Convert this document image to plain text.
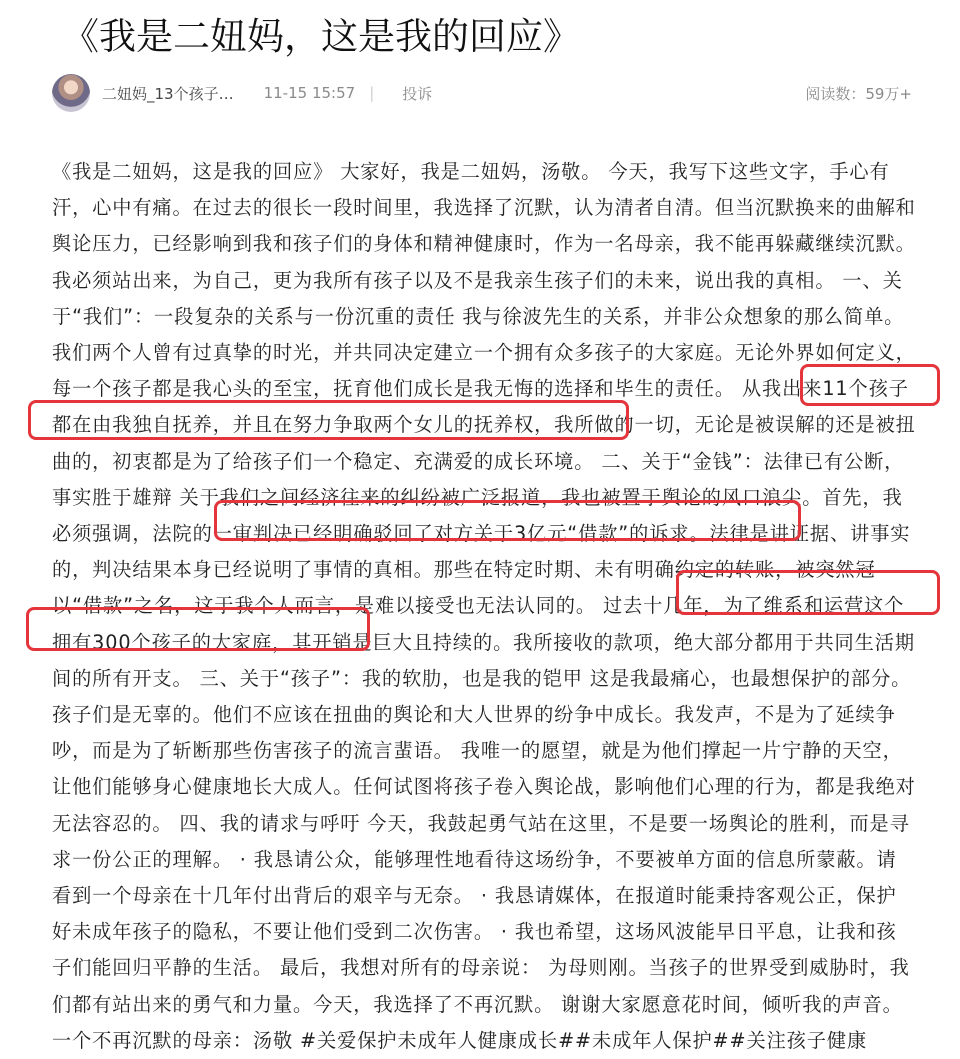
《我是二妞妈，这是我的回应》
二妞妈_13个孩子… 11-15 15:57 | 投诉	阅读数：59万+

《我是二妞妈，这是我的回应》 大家好，我是二妞妈，汤敬。 今天，我写下这些文字，手心有汗，心中有痛。在过去的很长一段时间里，我选择了沉默，认为清者自清。但当沉默换来的曲解和舆论压力，已经影响到我和孩子们的身体和精神健康时，作为一名母亲，我不能再躲藏继续沉默。我必须站出来，为自己，更为我所有孩子以及不是我亲生孩子们的未来，说出我的真相。 一、关于“我们”：一段复杂的关系与一份沉重的责任 我与徐波先生的关系，并非公众想象的那么简单。我们两个人曾有过真挚的时光，并共同决定建立一个拥有众多孩子的大家庭。无论外界如何定义，每一个孩子都是我心头的至宝，抚育他们成长是我无悔的选择和毕生的责任。 从我出来11个孩子都在由我独自抚养，并且在努力争取两个女儿的抚养权，我所做的一切，无论是被误解的还是被扭曲的，初衷都是为了给孩子们一个稳定、充满爱的成长环境。 二、关于“金钱”：法律已有公断，事实胜于雄辩 关于我们之间经济往来的纠纷被广泛报道，我也被置于舆论的风口浪尖。首先，我必须强调，法院的一审判决已经明确驳回了对方关于3亿元“借款”的诉求。法律是讲证据、讲事实的，判决结果本身已经说明了事情的真相。那些在特定时期、未有明确约定的转账，被突然冠以“借款”之名，这于我个人而言，是难以接受也无法认同的。 过去十几年，为了维系和运营这个拥有300个孩子的大家庭，其开销是巨大且持续的。我所接收的款项，绝大部分都用于共同生活期间的所有开支。 三、关于“孩子”：我的软肋，也是我的铠甲 这是我最痛心，也最想保护的部分。孩子们是无辜的。他们不应该在扭曲的舆论和大人世界的纷争中成长。我发声，不是为了延续争吵，而是为了斩断那些伤害孩子的流言蜚语。 我唯一的愿望，就是为他们撑起一片宁静的天空，让他们能够身心健康地长大成人。任何试图将孩子卷入舆论战，影响他们心理的行为，都是我绝对无法容忍的。 四、我的请求与呼吁 今天，我鼓起勇气站在这里，不是要一场舆论的胜利，而是寻求一份公正的理解。 · 我恳请公众，能够理性地看待这场纷争，不要被单方面的信息所蒙蔽。请看到一个母亲在十几年付出背后的艰辛与无奈。 · 我恳请媒体，在报道时能秉持客观公正，保护好未成年孩子的隐私，不要让他们受到二次伤害。 · 我也希望，这场风波能早日平息，让我和孩子们能回归平静的生活。 最后，我想对所有的母亲说： 为母则刚。当孩子的世界受到威胁时，我们都有站出来的勇气和力量。今天，我选择了不再沉默。 谢谢大家愿意花时间，倾听我的声音。 一个不再沉默的母亲：汤敬 #关爱保护未成年人健康成长##未成年人保护##关注孩子健康
